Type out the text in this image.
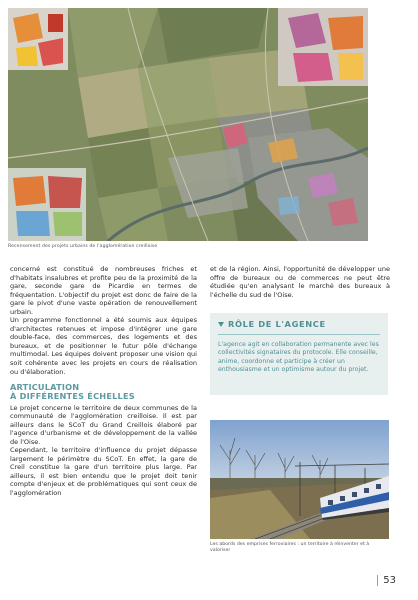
Recensement des projets urbains de l'agglomération creilloise

concerné est constitué de nombreuses friches et d'habitats insalubres et profite peu de la proximité de la gare, seconde gare de Picardie en termes de fréquentation. L'objectif du projet est donc de faire de la gare le pivot d'une vaste opération de renouvellement urbain.

Un programme fonctionnel a été soumis aux équipes d'architectes retenues et impose d'intégrer une gare double-face, des commerces, des logements et des bureaux, et de positionner le futur pôle d'échange multimodal. Les équipes doivent proposer une vision qui soit cohérente avec les projets en cours de réalisation ou d'élaboration.

ARTICULATION
À DIFFÉRENTES ÉCHELLES

Le projet concerne le territoire de deux communes de la communauté de l'agglomération creilloise. Il est par ailleurs dans le SCoT du Grand Creillois élaboré par l'agence d'urbanisme et de développement de la vallée de l'Oise.

Cependant, le territoire d'influence du projet dépasse largement le périmètre du SCoT. En effet, la gare de Creil constitue la gare d'un territoire plus large. Par ailleurs, il est bien entendu que le projet doit tenir compte d'enjeux et de problématiques qui sont ceux de l'agglomération

et de la région. Ainsi, l'opportunité de développer une offre de bureaux ou de commerces ne peut être étudiée qu'en analysant le marché des bureaux à l'échelle du sud de l'Oise.

RÔLE DE L'AGENCE
L'agence agit en collaboration permanente avec les collectivités signataires du protocole. Elle conseille, anime, coordonne et participe à créer un enthousiasme et un optimisme autour du projet.
Les abords des emprises ferroviaires : un territoire à réinventer et à valoriser
53
